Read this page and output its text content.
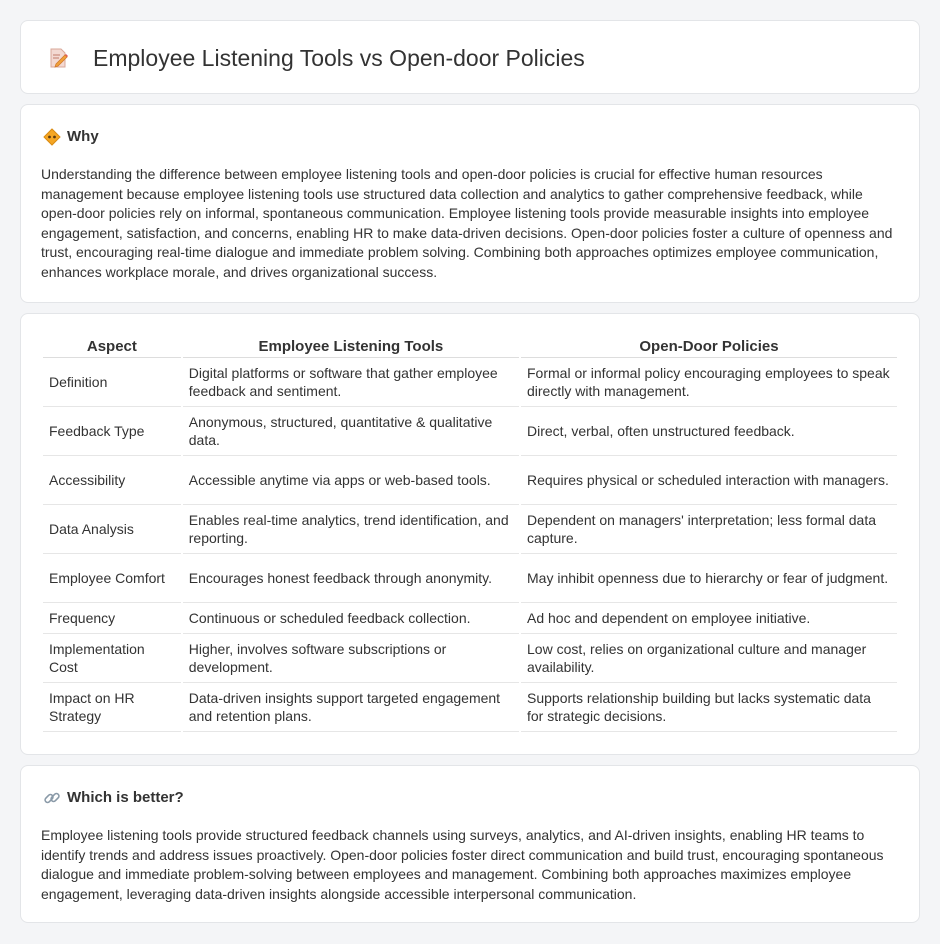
Employee Listening Tools vs Open-door Policies
Why

Understanding the difference between employee listening tools and open-door policies is crucial for effective human resources management because employee listening tools use structured data collection and analytics to gather comprehensive feedback, while open-door policies rely on informal, spontaneous communication. Employee listening tools provide measurable insights into employee engagement, satisfaction, and concerns, enabling HR to make data-driven decisions. Open-door policies foster a culture of openness and trust, encouraging real-time dialogue and immediate problem solving. Combining both approaches optimizes employee communication, enhances workplace morale, and drives organizational success.

Aspect	Employee Listening Tools	Open-Door Policies
Definition	Digital platforms or software that gather employee feedback and sentiment.	Formal or informal policy encouraging employees to speak directly with management.
Feedback Type	Anonymous, structured, quantitative & qualitative data.	Direct, verbal, often unstructured feedback.
Accessibility	Accessible anytime via apps or web-based tools.	Requires physical or scheduled interaction with managers.
Data Analysis	Enables real-time analytics, trend identification, and reporting.	Dependent on managers' interpretation; less formal data capture.
Employee Comfort	Encourages honest feedback through anonymity.	May inhibit openness due to hierarchy or fear of judgment.
Frequency	Continuous or scheduled feedback collection.	Ad hoc and dependent on employee initiative.
Implementation Cost	Higher, involves software subscriptions or development.	Low cost, relies on organizational culture and manager availability.
Impact on HR Strategy	Data-driven insights support targeted engagement and retention plans.	Supports relationship building but lacks systematic data for strategic decisions.
Which is better?

Employee listening tools provide structured feedback channels using surveys, analytics, and AI-driven insights, enabling HR teams to identify trends and address issues proactively. Open-door policies foster direct communication and build trust, encouraging spontaneous dialogue and immediate problem-solving between employees and management. Combining both approaches maximizes employee engagement, leveraging data-driven insights alongside accessible interpersonal communication.
